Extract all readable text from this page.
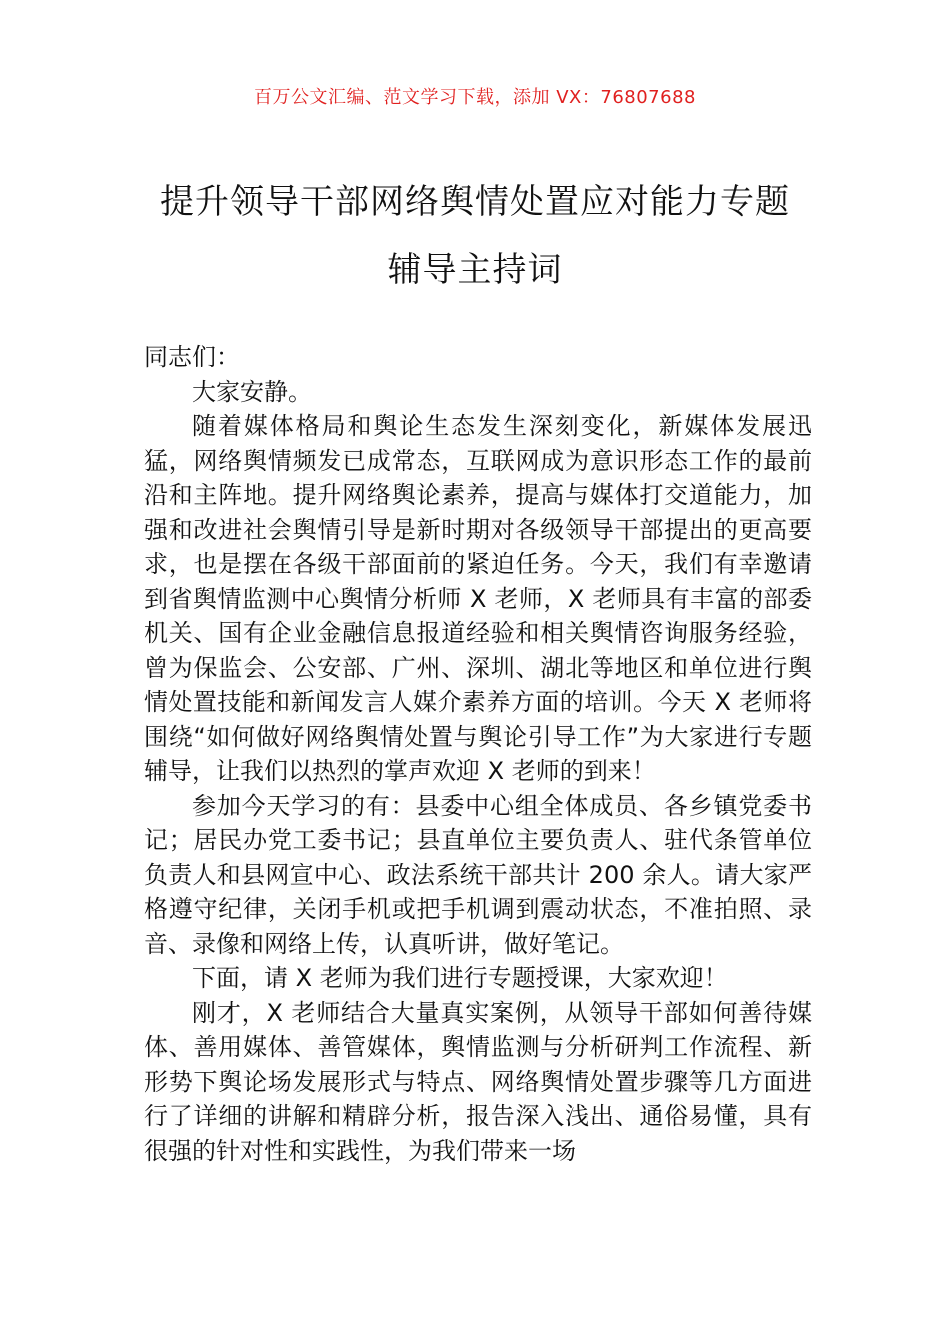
百万公文汇编、范文学习下载，添加 VX：76807688
提升领导干部网络舆情处置应对能力专题
辅导主持词

同志们：

大家安静。

随着媒体格局和舆论生态发生深刻变化，新媒体发展迅猛，网络舆情频发已成常态，互联网成为意识形态工作的最前沿和主阵地。提升网络舆论素养，提高与媒体打交道能力，加强和改进社会舆情引导是新时期对各级领导干部提出的更高要求，也是摆在各级干部面前的紧迫任务。今天，我们有幸邀请到省舆情监测中心舆情分析师 X 老师，X 老师具有丰富的部委机关、国有企业金融信息报道经验和相关舆情咨询服务经验，曾为保监会、公安部、广州、深圳、湖北等地区和单位进行舆情处置技能和新闻发言人媒介素养方面的培训。今天 X 老师将围绕“如何做好网络舆情处置与舆论引导工作”为大家进行专题辅导，让我们以热烈的掌声欢迎 X 老师的到来！

参加今天学习的有：县委中心组全体成员、各乡镇党委书记；居民办党工委书记；县直单位主要负责人、驻代条管单位负责人和县网宣中心、政法系统干部共计 200 余人。请大家严格遵守纪律，关闭手机或把手机调到震动状态，不准拍照、录音、录像和网络上传，认真听讲，做好笔记。

下面，请 X 老师为我们进行专题授课，大家欢迎！

刚才，X 老师结合大量真实案例，从领导干部如何善待媒体、善用媒体、善管媒体，舆情监测与分析研判工作流程、新形势下舆论场发展形式与特点、网络舆情处置步骤等几方面进行了详细的讲解和精辟分析，报告深入浅出、通俗易懂，具有很强的针对性和实践性，为我们带来一场
